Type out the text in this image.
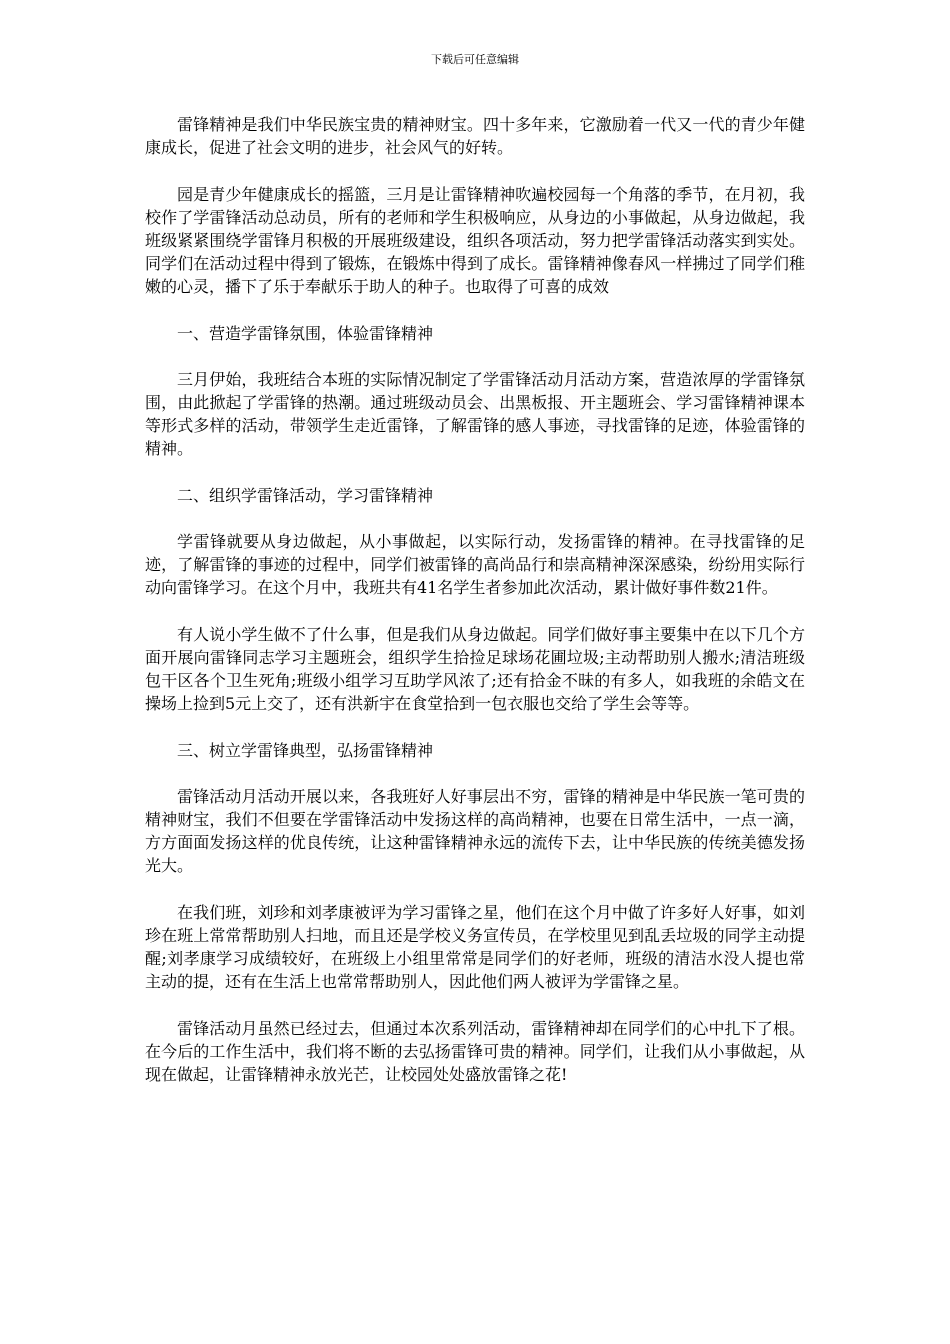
下载后可任意编辑

雷锋精神是我们中华民族宝贵的精神财宝。四十多年来，它激励着一代又一代的青少年健康成长，促进了社会文明的进步，社会风气的好转。

园是青少年健康成长的摇篮，三月是让雷锋精神吹遍校园每一个角落的季节，在月初，我校作了学雷锋活动总动员，所有的老师和学生积极响应，从身边的小事做起，从身边做起，我班级紧紧围绕学雷锋月积极的开展班级建设，组织各项活动，努力把学雷锋活动落实到实处。同学们在活动过程中得到了锻炼，在锻炼中得到了成长。雷锋精神像春风一样拂过了同学们稚嫩的心灵，播下了乐于奉献乐于助人的种子。也取得了可喜的成效

一、营造学雷锋氛围，体验雷锋精神

三月伊始，我班结合本班的实际情况制定了学雷锋活动月活动方案，营造浓厚的学雷锋氛围，由此掀起了学雷锋的热潮。通过班级动员会、出黑板报、开主题班会、学习雷锋精神课本等形式多样的活动，带领学生走近雷锋，了解雷锋的感人事迹，寻找雷锋的足迹，体验雷锋的精神。

二、组织学雷锋活动，学习雷锋精神

学雷锋就要从身边做起，从小事做起，以实际行动，发扬雷锋的精神。在寻找雷锋的足迹，了解雷锋的事迹的过程中，同学们被雷锋的高尚品行和崇高精神深深感染，纷纷用实际行动向雷锋学习。在这个月中，我班共有41名学生者参加此次活动，累计做好事件数21件。

有人说小学生做不了什么事，但是我们从身边做起。同学们做好事主要集中在以下几个方面开展向雷锋同志学习主题班会，组织学生拾捡足球场花圃垃圾;主动帮助别人搬水;清洁班级包干区各个卫生死角;班级小组学习互助学风浓了;还有拾金不昧的有多人，如我班的余皓文在操场上捡到5元上交了，还有洪新宇在食堂拾到一包衣服也交给了学生会等等。

三、树立学雷锋典型，弘扬雷锋精神

雷锋活动月活动开展以来，各我班好人好事层出不穷，雷锋的精神是中华民族一笔可贵的精神财宝，我们不但要在学雷锋活动中发扬这样的高尚精神，也要在日常生活中，一点一滴，方方面面发扬这样的优良传统，让这种雷锋精神永远的流传下去，让中华民族的传统美德发扬光大。

在我们班，刘珍和刘孝康被评为学习雷锋之星，他们在这个月中做了许多好人好事，如刘珍在班上常常帮助别人扫地，而且还是学校义务宣传员，在学校里见到乱丢垃圾的同学主动提醒;刘孝康学习成绩较好，在班级上小组里常常是同学们的好老师，班级的清洁水没人提也常主动的提，还有在生活上也常常帮助别人，因此他们两人被评为学雷锋之星。

雷锋活动月虽然已经过去，但通过本次系列活动，雷锋精神却在同学们的心中扎下了根。在今后的工作生活中，我们将不断的去弘扬雷锋可贵的精神。同学们，让我们从小事做起，从现在做起，让雷锋精神永放光芒，让校园处处盛放雷锋之花!
